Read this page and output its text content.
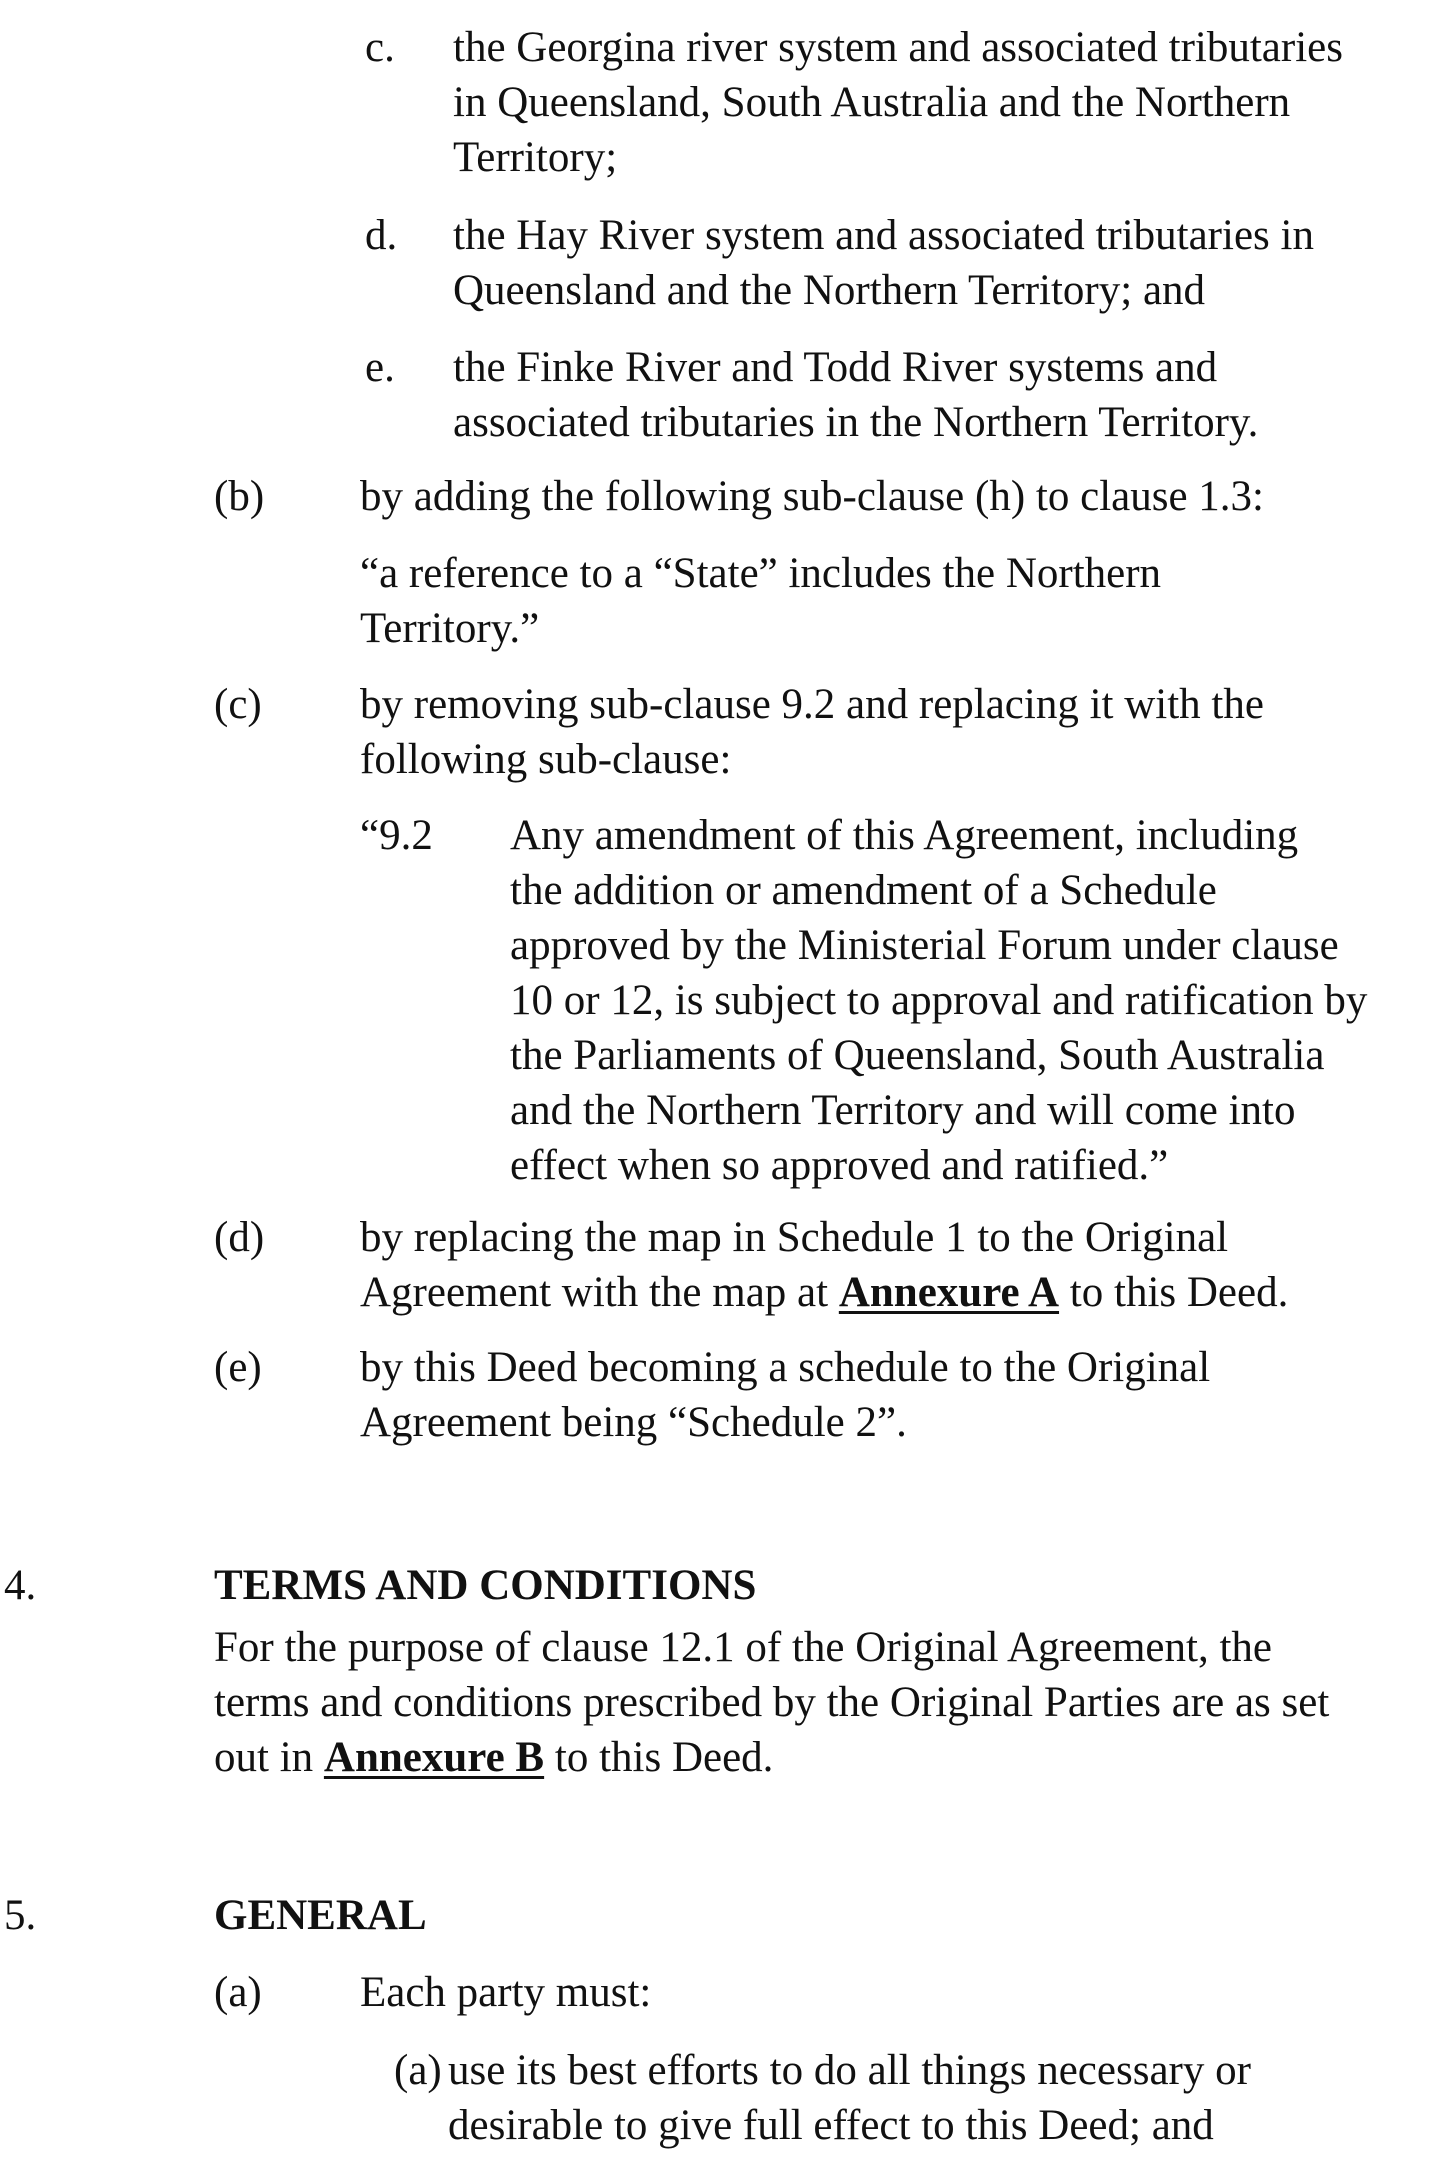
c. the Georgina river system and associated tributaries
in Queensland, South Australia and the Northern
Territory;
d. the Hay River system and associated tributaries in
Queensland and the Northern Territory; and
e. the Finke River and Todd River systems and
associated tributaries in the Northern Territory.
(b) by adding the following sub-clause (h) to clause 1.3:
“a reference to a “State” includes the Northern
Territory.”
(c) by removing sub-clause 9.2 and replacing it with the
following sub-clause:
“9.2 Any amendment of this Agreement, including
the addition or amendment of a Schedule
approved by the Ministerial Forum under clause
10 or 12, is subject to approval and ratification by
the Parliaments of Queensland, South Australia
and the Northern Territory and will come into
effect when so approved and ratified.”
(d) by replacing the map in Schedule 1 to the Original
Agreement with the map at Annexure A to this Deed.
(e) by this Deed becoming a schedule to the Original
Agreement being “Schedule 2”.
4.	TERMS AND CONDITIONS
For the purpose of clause 12.1 of the Original Agreement, the
terms and conditions prescribed by the Original Parties are as set
out in Annexure B to this Deed.
5.	GENERAL
(a) Each party must:
(a) use its best efforts to do all things necessary or
desirable to give full effect to this Deed; and
